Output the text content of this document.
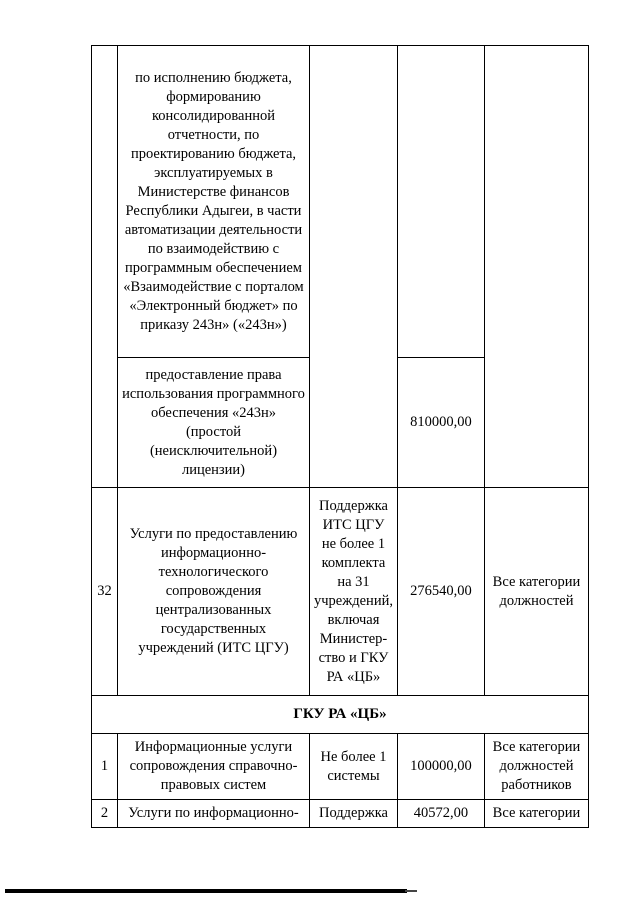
	по исполнению бюджета, формированию консолидированной отчетности, по проектированию бюджета, эксплуатируемых в Министерстве финансов Республики Адыгеи, в части автоматизации деятельности по взаимодействию с программным обеспечением «Взаимодействие с порталом «Электронный бюджет» по приказу 243н» («243н»)			
	предоставление права использования программного обеспечения «243н» (простой (неисключительной) лицензии)		810000,00	
32	Услуги по предоставлению информационно-технологического сопровождения централизованных государственных учреждений (ИТС ЦГУ)	Поддержка ИТС ЦГУ не более 1 комплекта на 31 учреждений, включая Министер-ство и ГКУ РА «ЦБ»	276540,00	Все категории должностей
ГКУ РА «ЦБ»				
1	Информационные услуги сопровождения справочно-правовых систем	Не более 1 системы	100000,00	Все категории должностей работников
2	Услуги по информационно-	Поддержка	40572,00	Все категории
